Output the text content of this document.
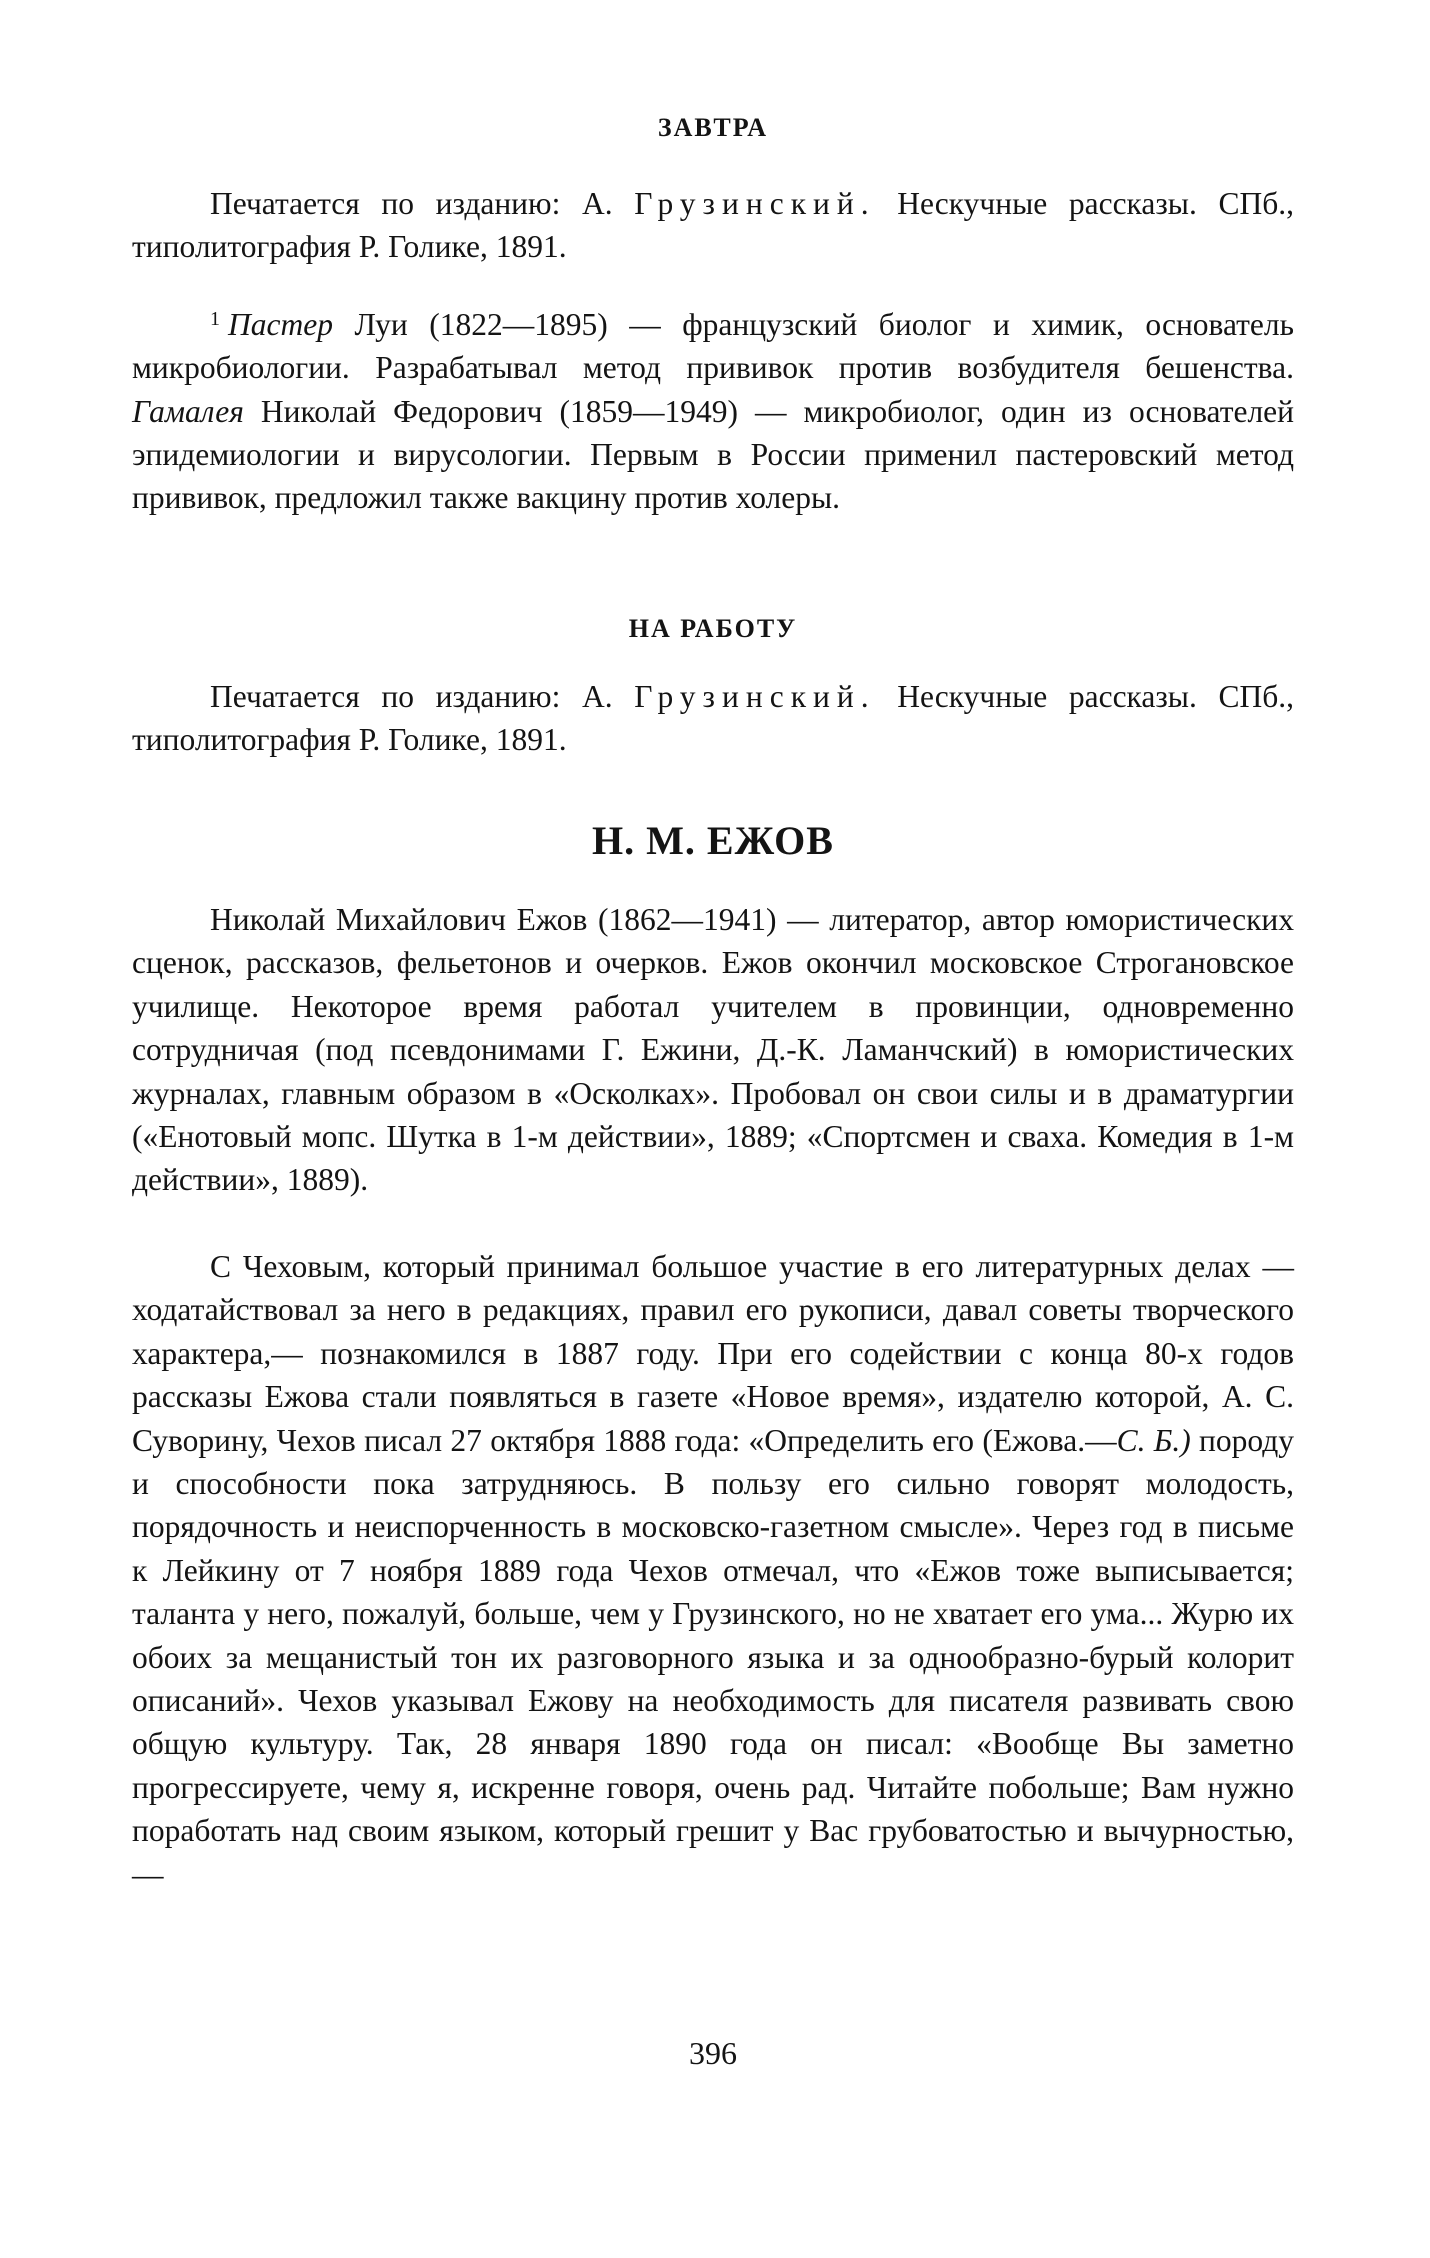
ЗАВТРА

Печатается по изданию: А. Грузинский. Нескучные рассказы. СПб., типолитография Р. Голике, 1891.

$^1$ Пастер Луи (1822—1895) — французский биолог и химик, основатель микробиологии. Разрабатывал метод прививок против возбудителя бешенства. Гамалея Николай Федорович (1859—1949) — микробиолог, один из основателей эпидемиологии и вирусологии. Первым в России применил пастеровский метод прививок, предложил также вакцину против холеры.

НА РАБОТУ

Печатается по изданию: А. Грузинский. Нескучные рассказы. СПб., типолитография Р. Голике, 1891.

Н. М. ЕЖОВ

Николай Михайлович Ежов (1862—1941) — литератор, автор юмористических сценок, рассказов, фельетонов и очерков. Ежов окончил московское Строгановское училище. Некоторое время работал учителем в провинции, одновременно сотрудничая (под псевдонимами Г. Ежини, Д.-К. Ламанчский) в юмористических журналах, главным образом в «Осколках». Пробовал он свои силы и в драматургии («Енотовый мопс. Шутка в 1-м действии», 1889; «Спортсмен и сваха. Комедия в 1-м действии», 1889).

С Чеховым, который принимал большое участие в его литературных делах — ходатайствовал за него в редакциях, правил его рукописи, давал советы творческого характера,— познакомился в 1887 году. При его содействии с конца 80-х годов рассказы Ежова стали появляться в газете «Новое время», издателю которой, А. С. Суворину, Чехов писал 27 октября 1888 года: «Определить его (Ежова.—С. Б.) породу и способности пока затрудняюсь. В пользу его сильно говорят молодость, порядочность и неиспорченность в московско-газетном смысле». Через год в письме к Лейкину от 7 ноября 1889 года Чехов отмечал, что «Ежов тоже выписывается; таланта у него, пожалуй, больше, чем у Грузинского, но не хватает его ума... Журю их обоих за мещанистый тон их разговорного языка и за однообразно-бурый колорит описаний». Чехов указывал Ежову на необходимость для писателя развивать свою общую культуру. Так, 28 января 1890 года он писал: «Вообще Вы заметно прогрессируете, чему я, искренне говоря, очень рад. Читайте побольше; Вам нужно поработать над своим языком, который грешит у Вас грубоватостью и вычурностью,—

396
